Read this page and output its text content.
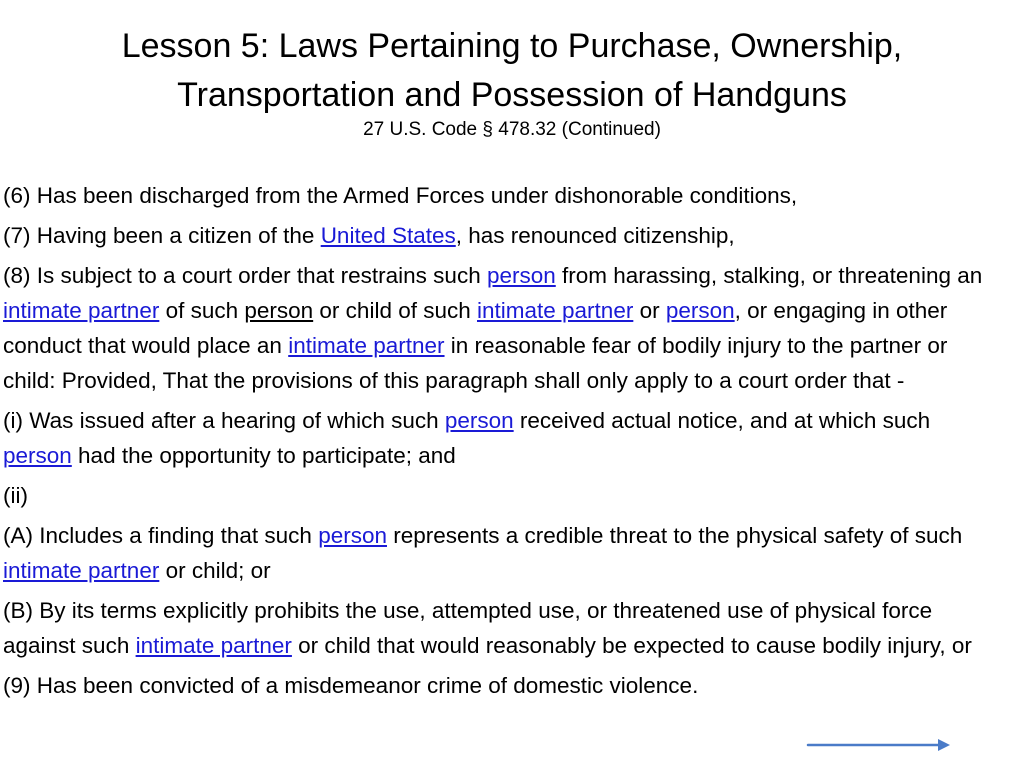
Lesson 5: Laws Pertaining to Purchase, Ownership,
Transportation and Possession of Handguns
27 U.S. Code § 478.32 (Continued)

(6) Has been discharged from the Armed Forces under dishonorable conditions,

(7) Having been a citizen of the United States, has renounced citizenship,

(8) Is subject to a court order that restrains such person from harassing, stalking, or threatening an intimate partner of such person or child of such intimate partner or person, or engaging in other conduct that would place an intimate partner in reasonable fear of bodily injury to the partner or child: Provided, That the provisions of this paragraph shall only apply to a court order that -

(i) Was issued after a hearing of which such person received actual notice, and at which such person had the opportunity to participate; and

(ii)

(A) Includes a finding that such person represents a credible threat to the physical safety of such intimate partner or child; or

(B) By its terms explicitly prohibits the use, attempted use, or threatened use of physical force against such intimate partner or child that would reasonably be expected to cause bodily injury, or

(9) Has been convicted of a misdemeanor crime of domestic violence.
